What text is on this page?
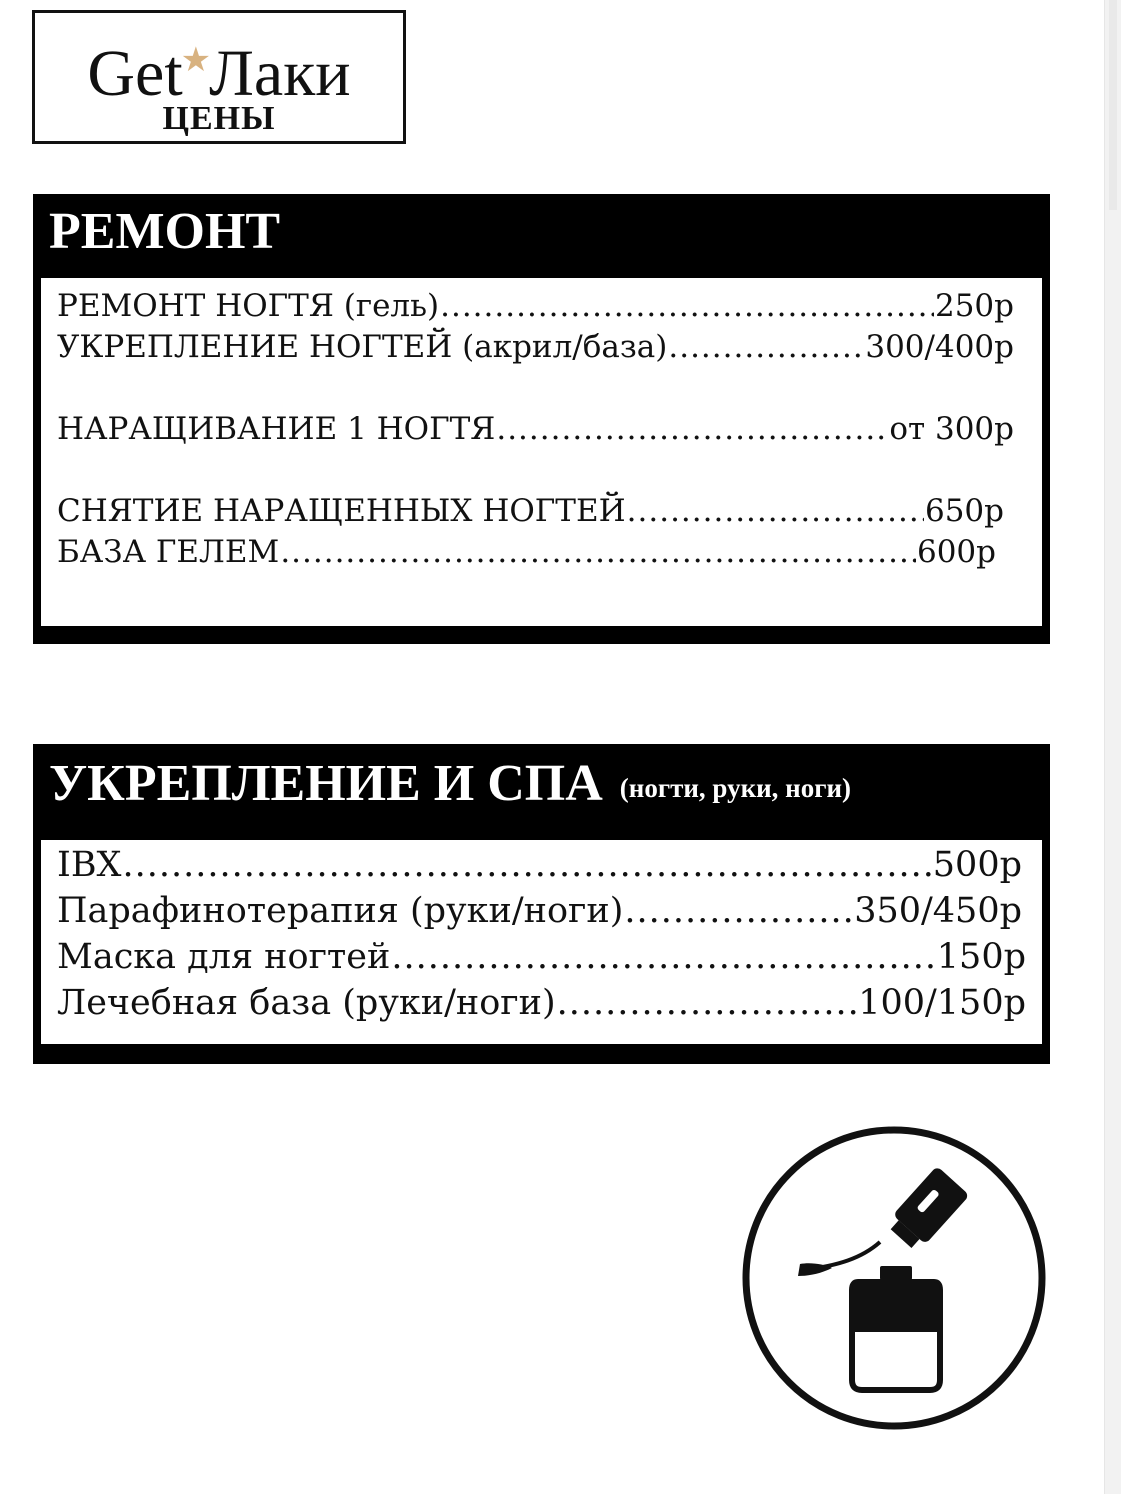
Get★Лаки
ЦЕНЫ
РЕМОНТ
РЕМОНТ НОГТЯ (гель) .....	250р
УКРЕПЛЕНИЕ НОГТЕЙ (акрил/база) .....	300/400р
НАРАЩИВАНИЕ 1 НОГТЯ .....	от 300р
СНЯТИЕ НАРАЩЕННЫХ НОГТЕЙ .....	650р
БАЗА ГЕЛЕМ .....	600р
УКРЕПЛЕНИЕ И СПА (ногти, руки, ноги)
IBX .....	500р
Парафинотерапия (руки/ноги) .....	350/450р
Маска для ногтей .....	150р
Лечебная база (руки/ноги) .....	100/150р
